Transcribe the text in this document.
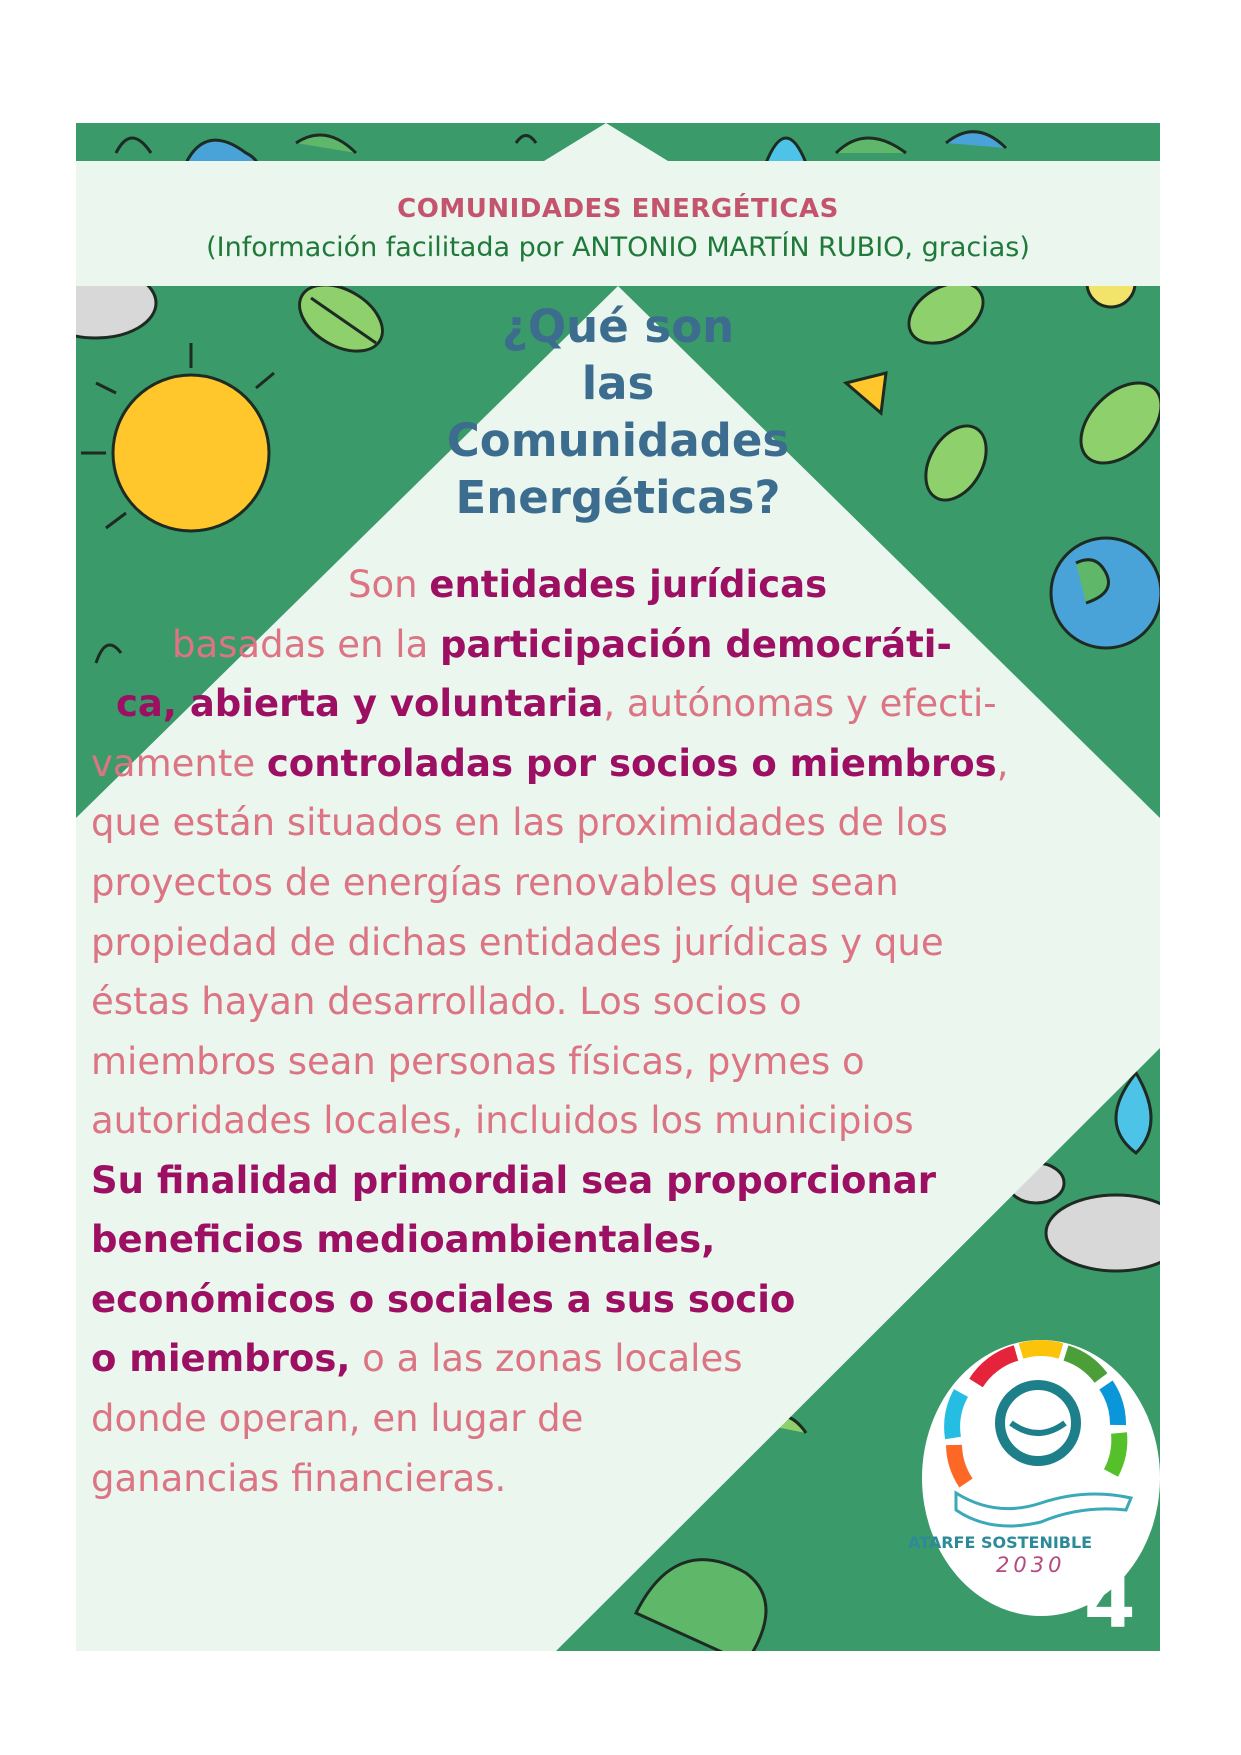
COMUNIDADES ENERGÉTICAS
(Información facilitada por ANTONIO MARTÍN RUBIO, gracias)
¿Qué son
las
Comunidades
Energéticas?
Son entidades jurídicas
basadas en la participación democráti-
ca, abierta y voluntaria, autónomas y efecti-
vamente controladas por socios o miembros,
que están situados en las proximidades de los
proyectos de energías renovables que sean
propiedad de dichas entidades jurídicas y que
éstas hayan desarrollado. Los socios o
miembros sean personas físicas, pymes o
autoridades locales, incluidos los municipios
Su finalidad primordial sea proporcionar
beneficios medioambientales,
económicos o sociales a sus socio
o miembros, o a las zonas locales
donde operan, en lugar de
ganancias financieras.
ATARFE SOSTENIBLE
2030 4
